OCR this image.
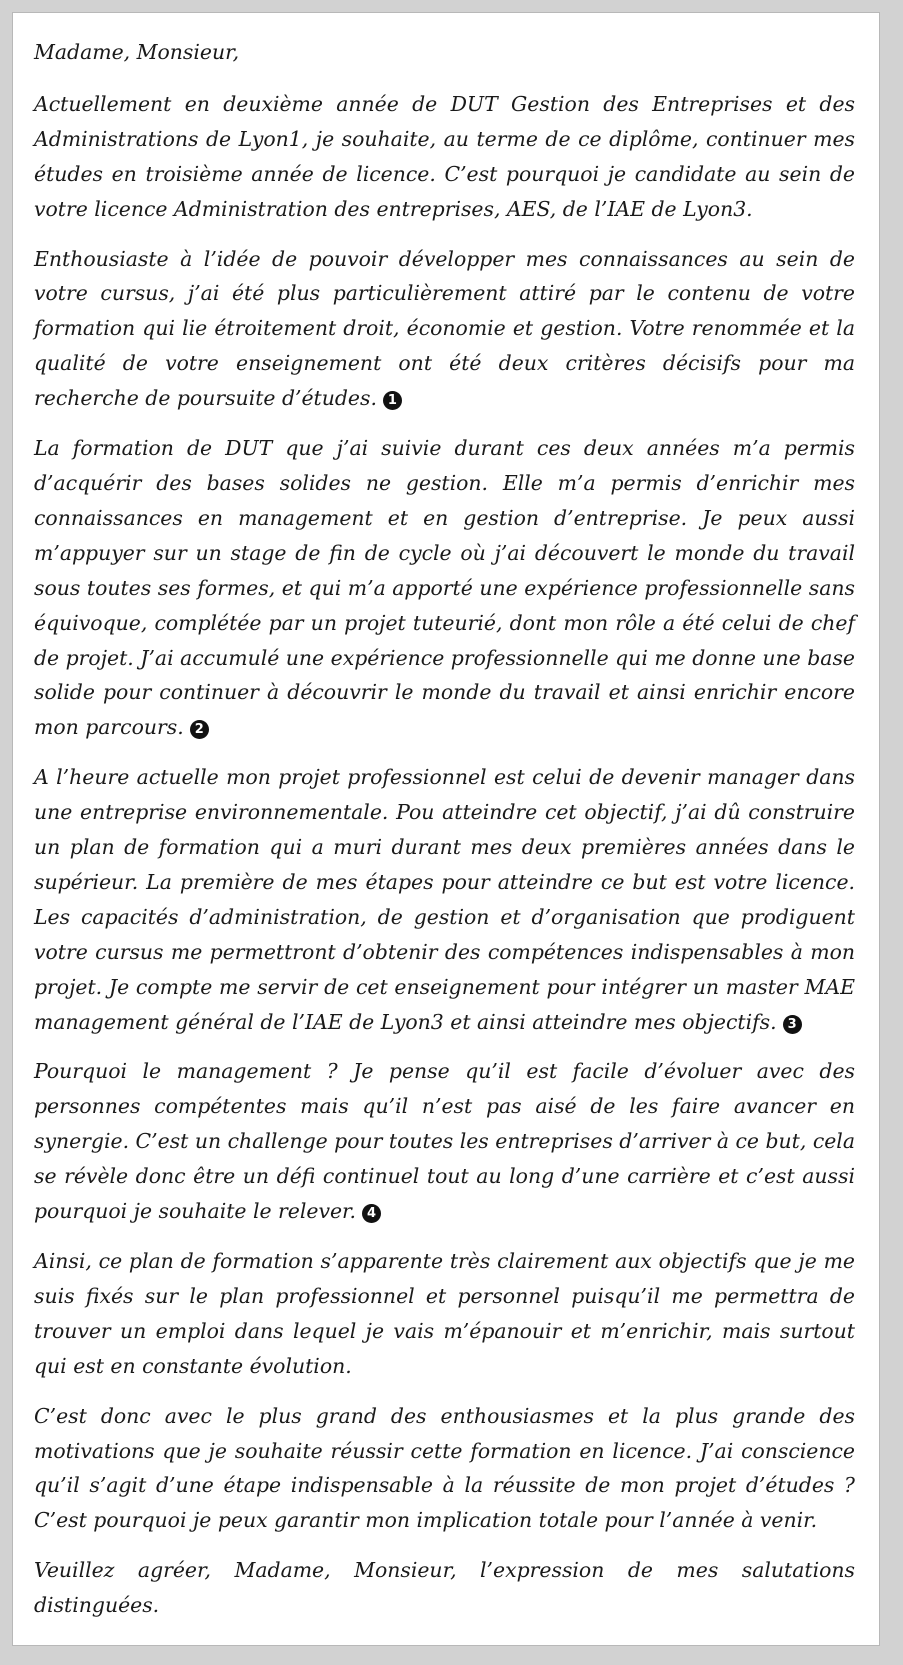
Madame, Monsieur,

Actuellement en deuxième année de DUT Gestion des Entreprises et des Administrations de Lyon1, je souhaite, au terme de ce diplôme, continuer mes études en troisième année de licence. C’est pourquoi je candidate au sein de votre licence Administration des entreprises, AES, de l’IAE de Lyon3.

Enthousiaste à l’idée de pouvoir développer mes connaissances au sein de votre cursus, j’ai été plus particulièrement attiré par le contenu de votre formation qui lie étroitement droit, économie et gestion. Votre renommée et la qualité de votre enseignement ont été deux critères décisifs pour ma recherche de poursuite d’études. 1

La formation de DUT que j’ai suivie durant ces deux années m’a permis d’acquérir des bases solides ne gestion. Elle m’a permis d’enrichir mes connaissances en management et en gestion d’entreprise. Je peux aussi m’appuyer sur un stage de fin de cycle où j’ai découvert le monde du travail sous toutes ses formes, et qui m’a apporté une expérience professionnelle sans équivoque, complétée par un projet tuteurié, dont mon rôle a été celui de chef de projet. J’ai accumulé une expérience professionnelle qui me donne une base solide pour continuer à découvrir le monde du travail et ainsi enrichir encore mon parcours. 2

A l’heure actuelle mon projet professionnel est celui de devenir manager dans une entreprise environnementale. Pou atteindre cet objectif, j’ai dû construire un plan de formation qui a muri durant mes deux premières années dans le supérieur. La première de mes étapes pour atteindre ce but est votre licence. Les capacités d’administration, de gestion et d’organisation que prodiguent votre cursus me permettront d’obtenir des compétences indispensables à mon projet. Je compte me servir de cet enseignement pour intégrer un master MAE management général de l’IAE de Lyon3 et ainsi atteindre mes objectifs. 3

Pourquoi le management ? Je pense qu’il est facile d’évoluer avec des personnes compétentes mais qu’il n’est pas aisé de les faire avancer en synergie. C’est un challenge pour toutes les entreprises d’arriver à ce but, cela se révèle donc être un défi continuel tout au long d’une carrière et c’est aussi pourquoi je souhaite le relever. 4

Ainsi, ce plan de formation s’apparente très clairement aux objectifs que je me suis fixés sur le plan professionnel et personnel puisqu’il me permettra de trouver un emploi dans lequel je vais m’épanouir et m’enrichir, mais surtout qui est en constante évolution.

C’est donc avec le plus grand des enthousiasmes et la plus grande des motivations que je souhaite réussir cette formation en licence. J’ai conscience qu’il s’agit d’une étape indispensable à la réussite de mon projet d’études ? C’est pourquoi je peux garantir mon implication totale pour l’année à venir.

Veuillez agréer, Madame, Monsieur, l’expression de mes salutations distinguées.
